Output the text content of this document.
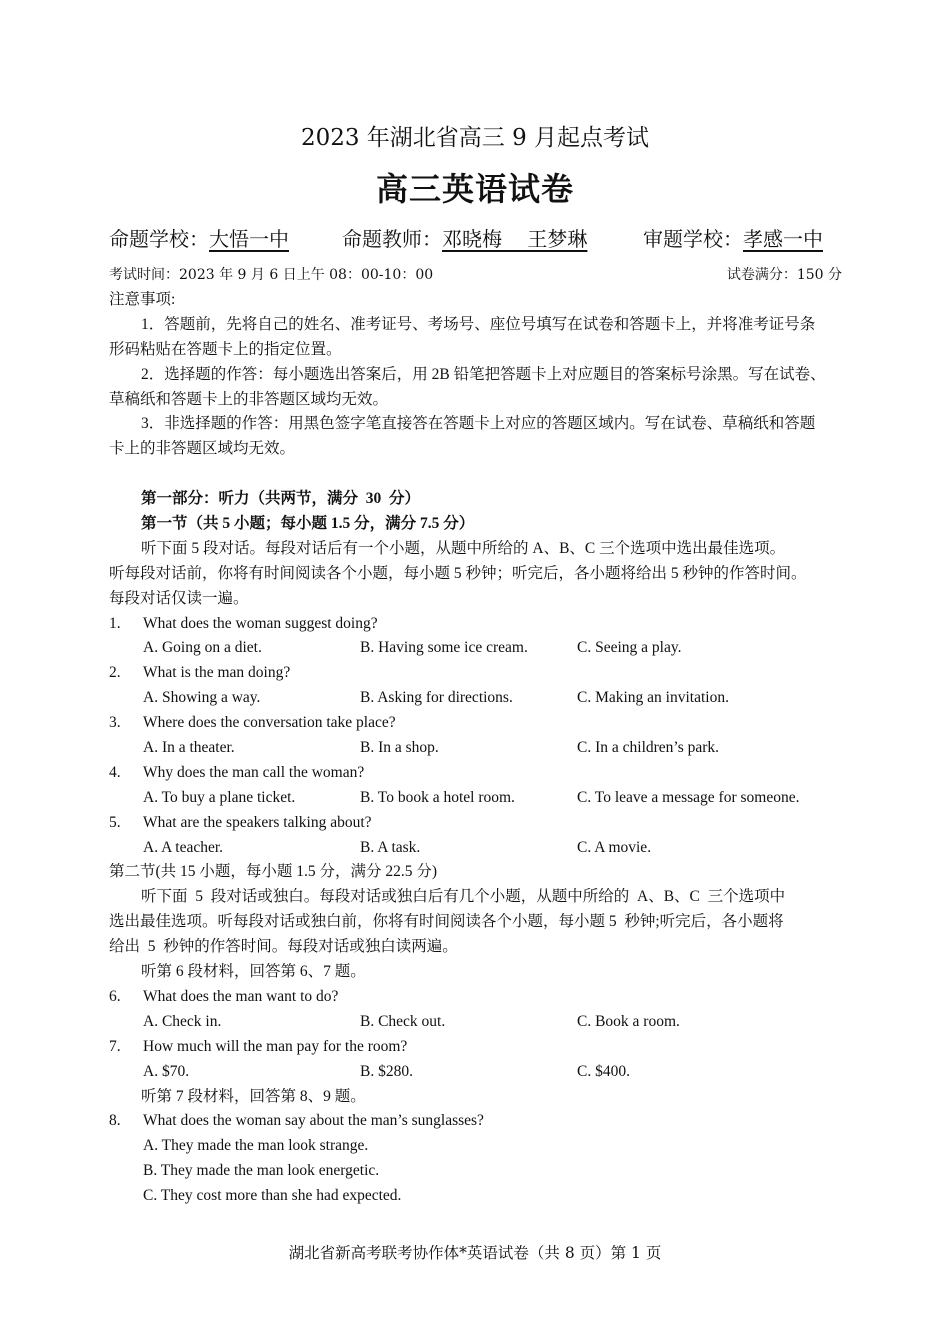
2023 年湖北省高三 9 月起点考试
高三英语试卷
命题学校：大悟一中	命题教师：邓晓梅    王梦琳	审题学校：孝感一中
考试时间：2023 年 9 月 6 日上午 08：00-10：00	试卷满分：150 分
注意事项:
1．答题前，先将自己的姓名、准考证号、考场号、座位号填写在试卷和答题卡上，并将准考证号条
形码粘贴在答题卡上的指定位置。
2．选择题的作答：每小题选出答案后，用 2B 铅笔把答题卡上对应题目的答案标号涂黑。写在试卷、
草稿纸和答题卡上的非答题区域均无效。
3．非选择题的作答：用黑色签字笔直接答在答题卡上对应的答题区域内。写在试卷、草稿纸和答题
卡上的非答题区域均无效。
第一部分：听力（共两节，满分  30  分）
第一节（共 5 小题；每小题 1.5 分，满分 7.5 分）
听下面 5 段对话。每段对话后有一个小题，从题中所给的 A、B、C 三个选项中选出最佳选项。
听每段对话前，你将有时间阅读各个小题，每小题 5 秒钟；听完后，各小题将给出 5 秒钟的作答时间。
每段对话仅读一遍。
1. What does the woman suggest doing?
A. Going on a diet.	B. Having some ice cream.	C. Seeing a play.
2. What is the man doing?
A. Showing a way.	B. Asking for directions.	C. Making an invitation.
3. Where does the conversation take place?
A. In a theater.	B. In a shop.	C. In a children’s park.
4. Why does the man call the woman?
A. To buy a plane ticket.	B. To book a hotel room.	C. To leave a message for someone.
5. What are the speakers talking about?
A. A teacher.	B. A task.	C. A movie.
第二节(共 15 小题，每小题 1.5 分，满分 22.5 分)
听下面  5  段对话或独白。每段对话或独白后有几个小题，从题中所给的  A、B、C  三个选项中
选出最佳选项。听每段对话或独白前，你将有时间阅读各个小题，每小题 5  秒钟;听完后，各小题将
给出  5  秒钟的作答时间。每段对话或独白读两遍。
听第 6 段材料，回答第 6、7 题。
6. What does the man want to do?
A. Check in.	B. Check out.	C. Book a room.
7. How much will the man pay for the room?
A. $70.	B. $280.	C. $400.
听第 7 段材料，回答第 8、9 题。
8. What does the woman say about the man’s sunglasses?
A. They made the man look strange.
B. They made the man look energetic.
C. They cost more than she had expected.
湖北省新高考联考协作体*英语试卷（共 8 页）第 1 页
